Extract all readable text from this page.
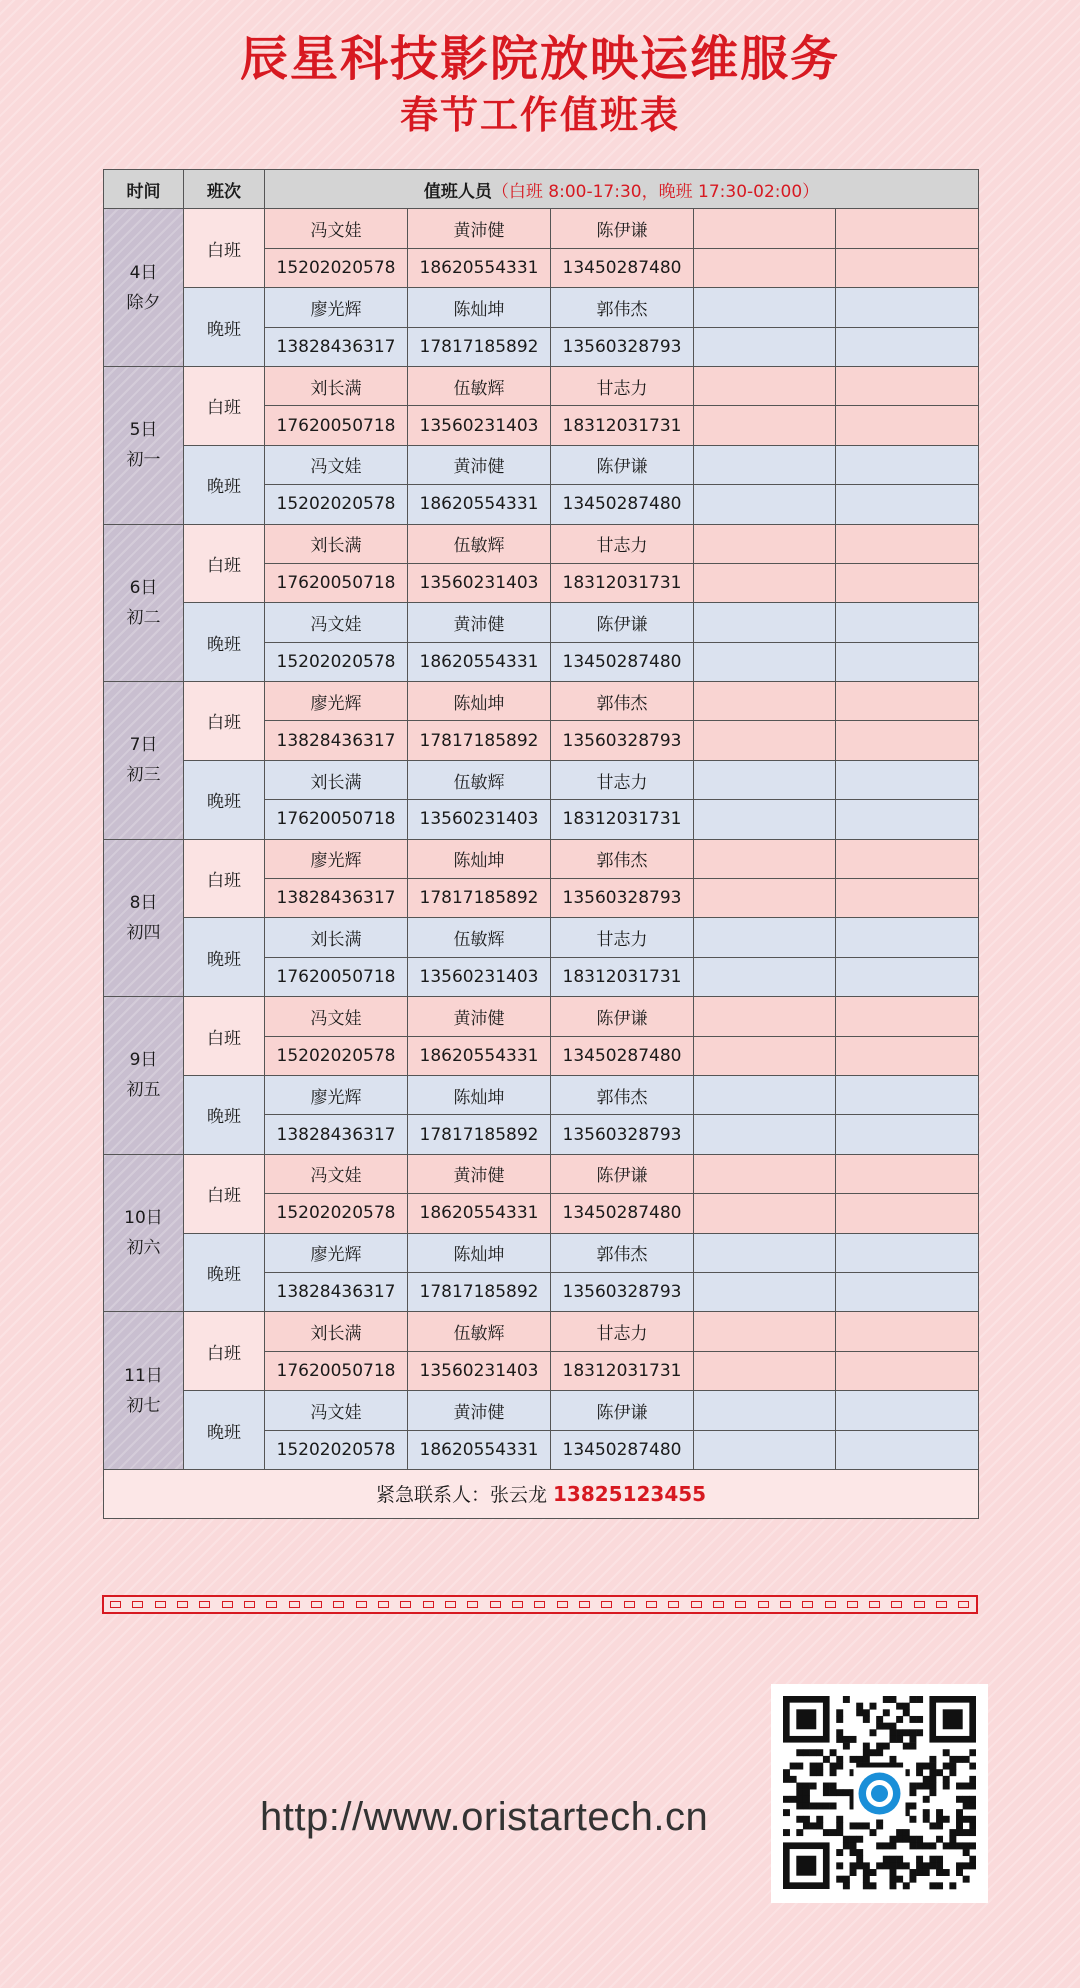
辰星科技影院放映运维服务
春节工作值班表
时间	班次	值班人员（白班 8:00-17:30，晚班 17:30-02:00）				

4日
除夕	白班	冯文娃	黄沛健	陈伊谦		
		15202020578	18620554331	13450287480		
	晚班	廖光辉	陈灿坤	郭伟杰		
		13828436317	17817185892	13560328793		

5日
初一	白班	刘长满	伍敏辉	甘志力		
		17620050718	13560231403	18312031731		
	晚班	冯文娃	黄沛健	陈伊谦		
		15202020578	18620554331	13450287480		

6日
初二	白班	刘长满	伍敏辉	甘志力		
		17620050718	13560231403	18312031731		
	晚班	冯文娃	黄沛健	陈伊谦		
		15202020578	18620554331	13450287480		

7日
初三	白班	廖光辉	陈灿坤	郭伟杰		
		13828436317	17817185892	13560328793		
	晚班	刘长满	伍敏辉	甘志力		
		17620050718	13560231403	18312031731		

8日
初四	白班	廖光辉	陈灿坤	郭伟杰		
		13828436317	17817185892	13560328793		
	晚班	刘长满	伍敏辉	甘志力		
		17620050718	13560231403	18312031731		

9日
初五	白班	冯文娃	黄沛健	陈伊谦		
		15202020578	18620554331	13450287480		
	晚班	廖光辉	陈灿坤	郭伟杰		
		13828436317	17817185892	13560328793		

10日
初六	白班	冯文娃	黄沛健	陈伊谦		
		15202020578	18620554331	13450287480		
	晚班	廖光辉	陈灿坤	郭伟杰		
		13828436317	17817185892	13560328793		

11日
初七	白班	刘长满	伍敏辉	甘志力		
		17620050718	13560231403	18312031731		
	晚班	冯文娃	黄沛健	陈伊谦		
		15202020578	18620554331	13450287480		
紧急联系人：张云龙 13825123455						
http://www.oristartech.cn
